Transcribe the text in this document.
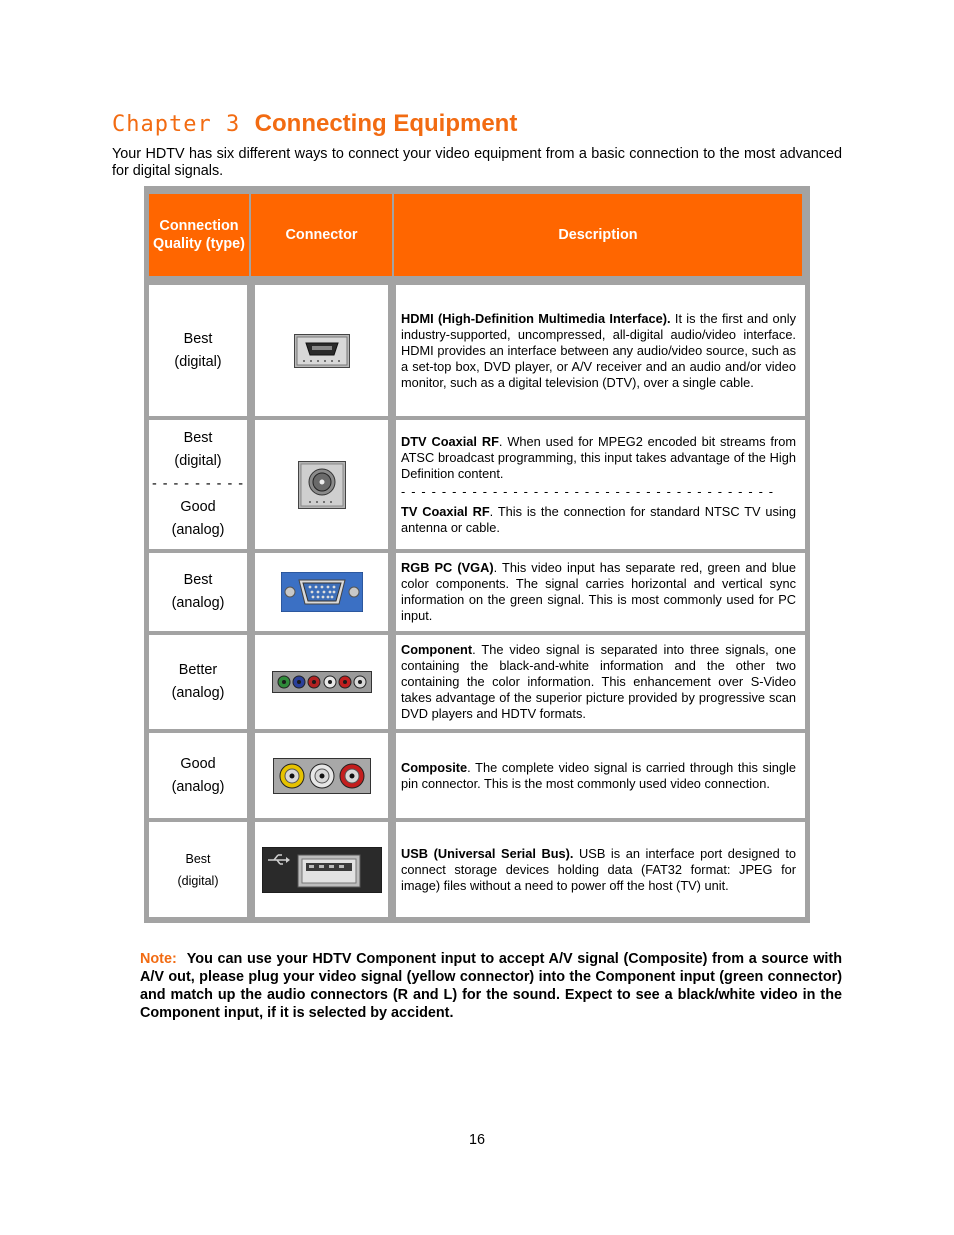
Chapter 3 Connecting Equipment

Your HDTV has six different ways to connect your video equipment from a basic connection to the most advanced for digital signals.

Connection Quality (type)
Connector	Description
Best
(digital)

HDMI (High-Definition Multimedia Interface). It is the first and only industry-supported, uncompressed, all-digital audio/video interface. HDMI provides an interface between any audio/video source, such as a set-top box, DVD player, or A/V receiver and an audio and/or video monitor, such as a digital television (DTV), over a single cable.

Best
(digital)
- - - - - - - - -
Good
(analog)

DTV Coaxial RF. When used for MPEG2 encoded bit streams from ATSC broadcast programming, this input takes advantage of the High Definition content.

- - - - - - - - - - - - - - - - - - - - - - - - - - - - - - - - - - - - -

TV Coaxial RF. This is the connection for standard NTSC TV using antenna or cable.

Best
(analog)

RGB PC (VGA). This video input has separate red, green and blue color components. The signal carries horizontal and vertical sync information on the green signal. This is most commonly used for PC input.

Better
(analog)

Component. The video signal is separated into three signals, one containing the black-and-white information and the other two containing the color information. This enhancement over S-Video takes advantage of the superior picture provided by progressive scan DVD players and HDTV formats.

Good
(analog)

Composite. The complete video signal is carried through this single pin connector. This is the most commonly used video connection.

Best
(digital)

USB (Universal Serial Bus). USB is an interface port designed to connect storage devices holding data (FAT32 format: JPEG for image) files without a need to power off the host (TV) unit.

Note: You can use your HDTV Component input to accept A/V signal (Composite) from a source with A/V out, please plug your video signal (yellow connector) into the Component input (green connector) and match up the audio connectors (R and L) for the sound. Expect to see a black/white video in the Component input, if it is selected by accident.

16
